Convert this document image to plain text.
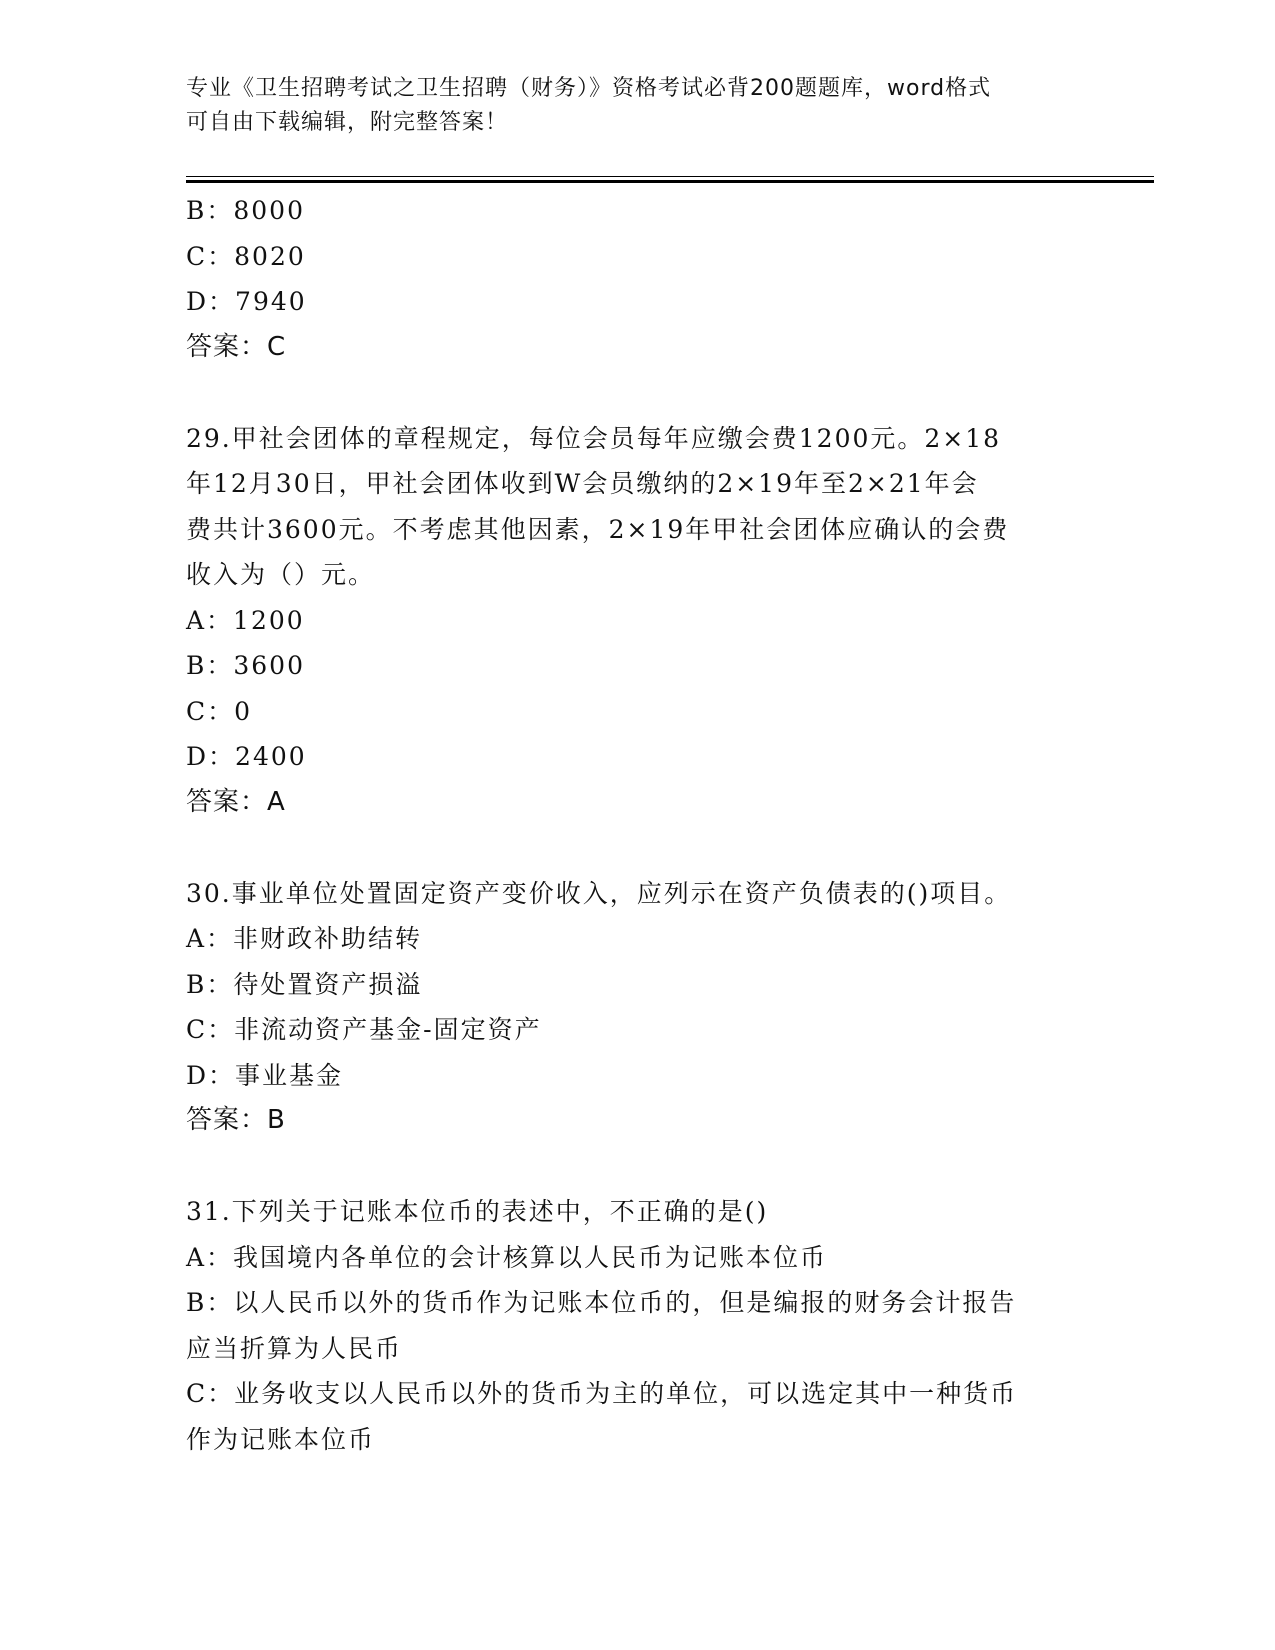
专业《卫生招聘考试之卫生招聘（财务）》资格考试必背200题题库，word格式
可自由下载编辑，附完整答案！
B：8000
C：8020
D：7940
答案：C
29.甲社会团体的章程规定，每位会员每年应缴会费1200元。2×18
年12月30日，甲社会团体收到W会员缴纳的2×19年至2×21年会
费共计3600元。不考虑其他因素，2×19年甲社会团体应确认的会费
收入为（）元。
A：1200
B：3600
C：0
D：2400
答案：A
30.事业单位处置固定资产变价收入，应列示在资产负债表的()项目。
A：非财政补助结转
B：待处置资产损溢
C：非流动资产基金-固定资产
D：事业基金
答案：B
31.下列关于记账本位币的表述中，不正确的是()
A：我国境内各单位的会计核算以人民币为记账本位币
B：以人民币以外的货币作为记账本位币的，但是编报的财务会计报告
应当折算为人民币
C：业务收支以人民币以外的货币为主的单位，可以选定其中一种货币
作为记账本位币
